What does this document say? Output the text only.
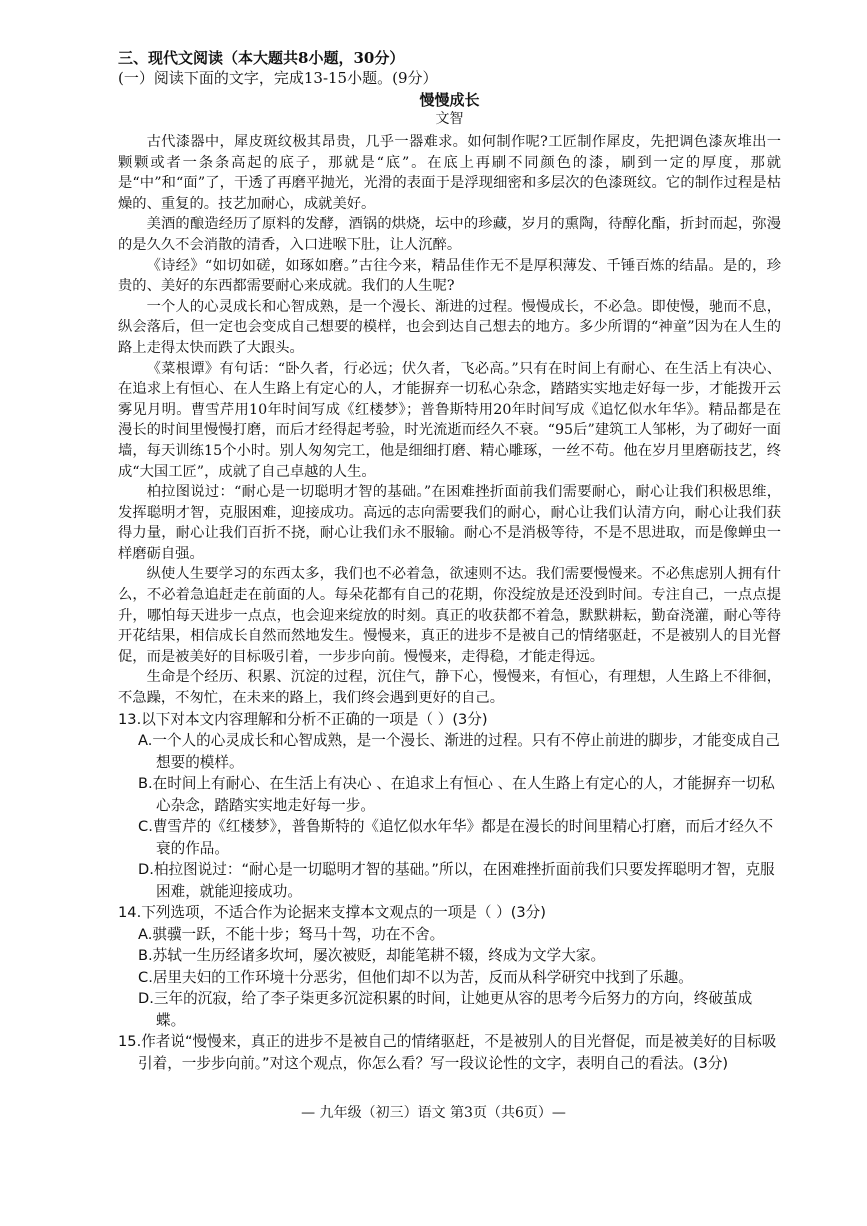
三、现代文阅读（本大题共8小题，30分）

(一）阅读下面的文字，完成13-15小题。(9分）

慢慢成长

文智

古代漆器中，犀皮斑纹极其昂贵，几乎一器难求。如何制作呢?工匠制作犀皮，先把调色漆灰堆出一颗颗或者一条条高起的底子，那就是“底”。在底上再刷不同颜色的漆，刷到一定的厚度，那就是“中”和“面”了，干透了再磨平抛光，光滑的表面于是浮现细密和多层次的色漆斑纹。它的制作过程是枯燥的、重复的。技艺加耐心，成就美好。

美酒的酿造经历了原料的发酵，酒锅的烘烧，坛中的珍藏，岁月的熏陶，待醇化酯，折封而起，弥漫的是久久不会消散的清香，入口进喉下肚，让人沉醉。

《诗经》“如切如磋，如琢如磨。”古往今来，精品佳作无不是厚积薄发、千锤百炼的结晶。是的，珍贵的、美好的东西都需要耐心来成就。我们的人生呢?

一个人的心灵成长和心智成熟，是一个漫长、渐进的过程。慢慢成长，不必急。即使慢，驰而不息，纵会落后，但一定也会变成自己想要的模样，也会到达自己想去的地方。多少所谓的“神童”因为在人生的路上走得太快而跌了大跟头。

《菜根谭》有句话：“卧久者，行必远；伏久者，飞必高。”只有在时间上有耐心、在生活上有决心、在追求上有恒心、在人生路上有定心的人，才能摒弃一切私心杂念，踏踏实实地走好每一步，才能拨开云雾见月明。曹雪芹用10年时间写成《红楼梦》；普鲁斯特用20年时间写成《追忆似水年华》。精品都是在漫长的时间里慢慢打磨，而后才经得起考验，时光流逝而经久不衰。“95后”建筑工人邹彬，为了砌好一面墙，每天训练15个小时。别人匆匆完工，他是细细打磨、精心雕琢，一丝不苟。他在岁月里磨砺技艺，终成“大国工匠”，成就了自己卓越的人生。

柏拉图说过：“耐心是一切聪明才智的基础。”在困难挫折面前我们需要耐心，耐心让我们积极思维，发挥聪明才智，克服困难，迎接成功。高远的志向需要我们的耐心，耐心让我们认清方向，耐心让我们获得力量，耐心让我们百折不挠，耐心让我们永不服输。耐心不是消极等待，不是不思进取，而是像蝉虫一样磨砺自强。

纵使人生要学习的东西太多，我们也不必着急，欲速则不达。我们需要慢慢来。不必焦虑别人拥有什么，不必着急追赶走在前面的人。每朵花都有自己的花期，你没绽放是还没到时间。专注自己，一点点提升，哪怕每天进步一点点，也会迎来绽放的时刻。真正的收获都不着急，默默耕耘，勤奋浇灌，耐心等待开花结果，相信成长自然而然地发生。慢慢来，真正的进步不是被自己的情绪驱赶，不是被别人的目光督促，而是被美好的目标吸引着，一步步向前。慢慢来，走得稳，才能走得远。

生命是个经历、积累、沉淀的过程，沉住气，静下心，慢慢来，有恒心，有理想，人生路上不徘徊，不急躁，不匆忙，在未来的路上，我们终会遇到更好的自己。

13.以下对本文内容理解和分析不正确的一项是（ ）(3分)

A.一个人的心灵成长和心智成熟，是一个漫长、渐进的过程。只有不停止前进的脚步，才能变成自己想要的模样。

B.在时间上有耐心、在生活上有决心 、在追求上有恒心 、在人生路上有定心的人，才能摒弃一切私心杂念，踏踏实实地走好每一步。

C.曹雪芹的《红楼梦》，普鲁斯特的《追忆似水年华》都是在漫长的时间里精心打磨，而后才经久不衰的作品。

D.柏拉图说过：“耐心是一切聪明才智的基础。”所以，在困难挫折面前我们只要发挥聪明才智，克服困难，就能迎接成功。

14.下列选项，不适合作为论据来支撑本文观点的一项是（ ）(3分)

A.骐骥一跃，不能十步；驽马十驾，功在不舍。

B.苏轼一生历经诸多坎坷，屡次被贬，却能笔耕不辍，终成为文学大家。

C.居里夫妇的工作环境十分恶劣，但他们却不以为苦，反而从科学研究中找到了乐趣。

D.三年的沉寂，给了李子柒更多沉淀积累的时间，让她更从容的思考今后努力的方向，终破茧成蝶。

15.作者说“慢慢来，真正的进步不是被自己的情绪驱赶，不是被别人的目光督促，而是被美好的目标吸引着，一步步向前。”对这个观点，你怎么看？写一段议论性的文字，表明自己的看法。(3分)

— 九年级（初三）语文 第3页（共6页）—
